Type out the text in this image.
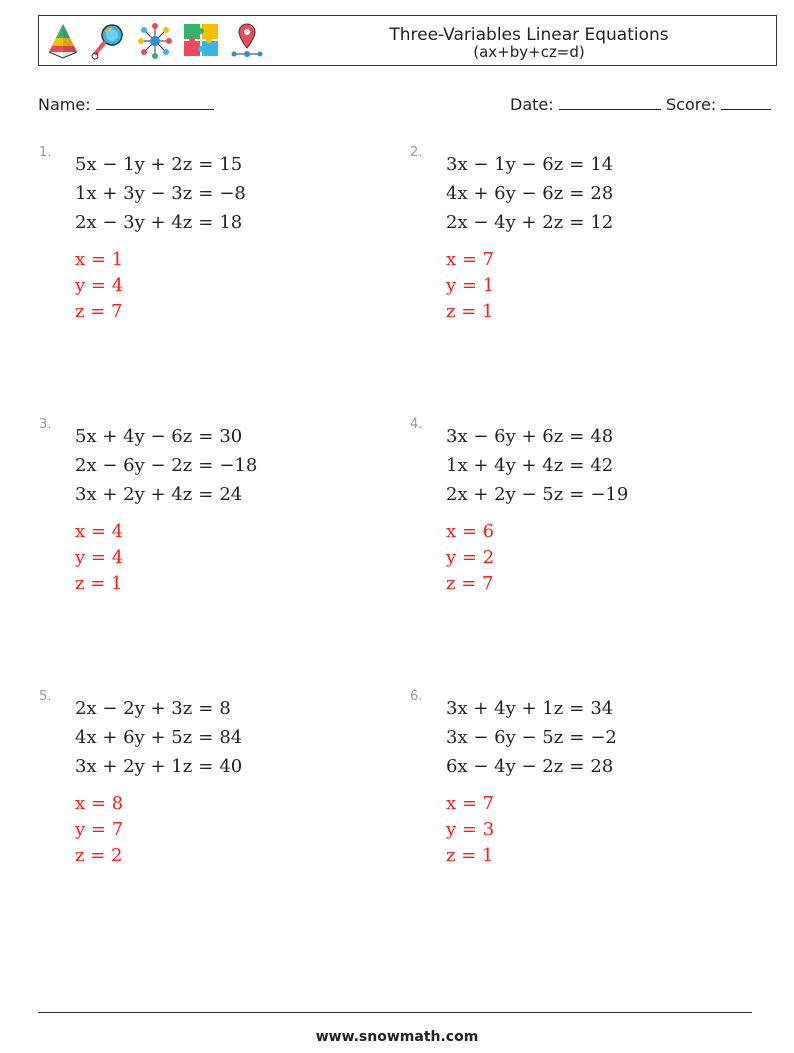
Three-Variables Linear Equations
(ax+by+cz=d)
Name:	Date:	Score:
1.
5x − 1y + 2z	=	15
1x + 3y − 3z	=	−8
2x − 3y + 4z	=	18
x = 1
y = 4
z = 7
2.
3x − 1y − 6z	=	14
4x + 6y − 6z	=	28
2x − 4y + 2z	=	12
x = 7
y = 1
z = 1
3.
5x + 4y − 6z	=	30
2x − 6y − 2z	=	−18
3x + 2y + 4z	=	24
x = 4
y = 4
z = 1
4.
3x − 6y + 6z	=	48
1x + 4y + 4z	=	42
2x + 2y − 5z	=	−19
x = 6
y = 2
z = 7
5.
2x − 2y + 3z	=	8
4x + 6y + 5z	=	84
3x + 2y + 1z	=	40
x = 8
y = 7
z = 2
6.
3x + 4y + 1z	=	34
3x − 6y − 5z	=	−2
6x − 4y − 2z	=	28
x = 7
y = 3
z = 1
www.snowmath.com
